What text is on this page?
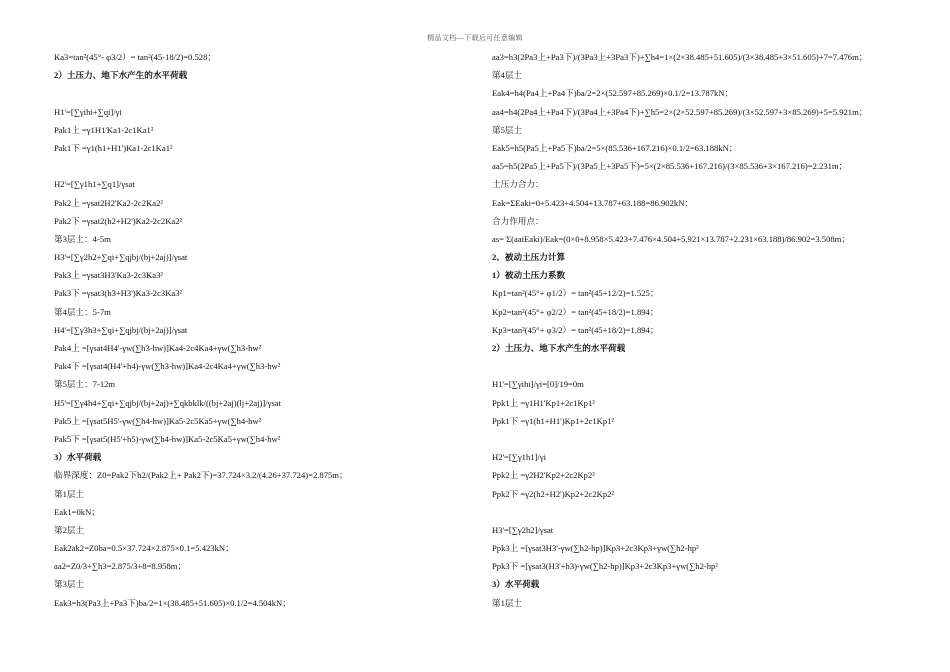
精品文档---下载后可任意编辑
Ka3=tan²(45°- φ3/2）= tan²(45-18/2)=0.528；
2）土压力、地下水产生的水平荷载
H1'=[∑γihi+∑qi]/γi
Pak1上 =γ1H1'Ka1-2c1Ka1²
Pak1下 =γ1(h1+H1')Ka1-2c1Ka1²
H2'=[∑γ1h1+∑q1]/γsat
Pak2上 =γsat2H2'Ka2-2c2Ka2²
Pak2下 =γsat2(h2+H2')Ka2-2c2Ka2²
第3层土：4-5m
H3'=[∑γ2h2+∑qi+∑qjbj/(bj+2aj)]/γsat
Pak3上 =γsat3H3'Ka3-2c3Ka3²
Pak3下 =γsat3(h3+H3')Ka3-2c3Ka3²
第4层土：5-7m
H4'=[∑γ3h3+∑qi+∑qjbj/(bj+2aj)]/γsat
Pak4上 =[γsat4H4'-γw(∑h3-hw)]Ka4-2c4Ka4+γw(∑h3-hw²
Pak4下 =[γsat4(H4'+h4)-γw(∑h3-hw)]Ka4-2c4Ka4+γw(∑h3-hw²
第5层土：7-12m
H5'=[∑γ4h4+∑qi+∑qjbj/(bj+2aj)+∑qkbklk/((bj+2aj)(lj+2aj)]/γsat
Pak5上 =[γsat5H5'-γw(∑h4-hw)]Ka5-2c5Ka5+γw(∑h4-hw²
Pak5下 =[γsat5(H5'+h5)-γw(∑h4-hw)]Ka5-2c5Ka5+γw(∑h4-hw²
3）水平荷载
临界深度：Z0=Pak2下h2/(Pak2上+ Pak2下)=37.724×3.2/(4.26+37.724)=2.875m；
第1层土
Eak1=0kN；
第2层土
Eak2ak2=Z0ba=0.5×37.724×2.875×0.1=5.423kN；
aa2=Z0/3+∑h3=2.875/3+8=8.958m；
第3层土
Eak3=h3(Pa3上+Pa3下)ba/2=1×(38.485+51.605)×0.1/2=4.504kN；
aa3=h3(2Pa3上+Pa3下)/(3Pa3上+3Pa3下)+∑h4=1×(2×38.485+51.605)/(3×38.485+3×51.605)+7=7.476m；
第4层土
Eak4=h4(Pa4上+Pa4下)ba/2=2×(52.597+85.269)×0.1/2=13.787kN；
aa4=h4(2Pa4上+Pa4下)/(3Pa4上+3Pa4下)+∑h5=2×(2×52.597+85.269)/(3×52.597+3×85.269)+5=5.921m；
第5层土
Eak5=h5(Pa5上+Pa5下)ba/2=5×(85.536+167.216)×0.1/2=63.188kN；
aa5=h5(2Pa5上+Pa5下)/(3Pa5上+3Pa5下)=5×(2×85.536+167.216)/(3×85.536+3×167.216)=2.231m；
土压力合力：
Eak=ΣEaki=0+5.423+4.504+13.787+63.188=86.902kN；
合力作用点：
as= Σ(aaiEaki)/Eak=(0×0+8.958×5.423+7.476×4.504+5.921×13.787+2.231×63.188)/86.902=3.508m；
2、被动土压力计算
1）被动土压力系数
Kp1=tan²(45°+ φ1/2）= tan²(45+12/2)=1.525；
Kp2=tan²(45°+ φ2/2）= tan²(45+18/2)=1.894；
Kp3=tan²(45°+ φ3/2）= tan²(45+18/2)=1.894；
2）土压力、地下水产生的水平荷载
H1'=[∑γihi]/γi=[0]/19=0m
Ppk1上 =γ1H1'Kp1+2c1Kp1²
Ppk1下 =γ1(h1+H1')Kp1+2c1Kp1²
H2'=[∑γ1h1]/γi
Ppk2上 =γ2H2'Kp2+2c2Kp2²
Ppk2下 =γ2(h2+H2')Kp2+2c2Kp2²
H3'=[∑γ2h2]/γsat
Ppk3上 =[γsat3H3'-γw(∑h2-hp)]Kp3+2c3Kp3+γw(∑h2-hp²
Ppk3下 =[γsat3(H3'+h3)-γw(∑h2-hp)]Kp3+2c3Kp3+γw(∑h2-hp²
3）水平荷载
第1层土
